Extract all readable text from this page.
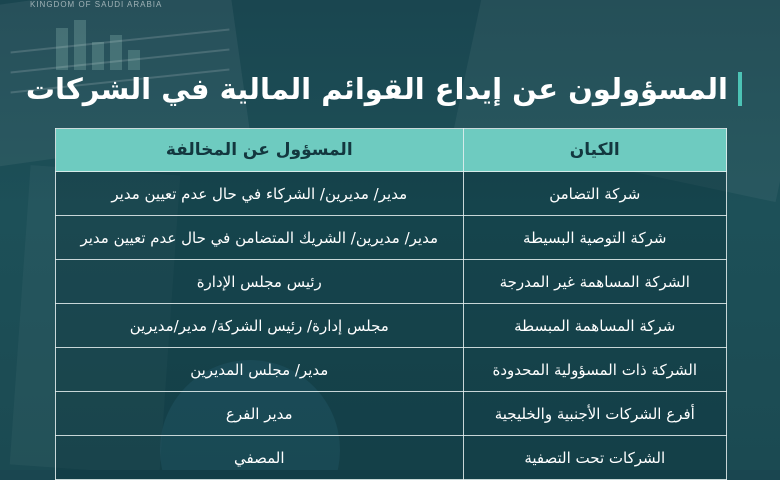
KINGDOM OF SAUDI ARABIA
المسؤولون عن إيداع القوائم المالية في الشركات
الكيان	المسؤول عن المخالفة
شركة التضامن	مدير/ مديرين/ الشركاء في حال عدم تعيين مدير
شركة التوصية البسيطة	مدير/ مديرين/ الشريك المتضامن في حال عدم تعيين مدير
الشركة المساهمة غير المدرجة	رئيس مجلس الإدارة
شركة المساهمة المبسطة	مجلس إدارة/ رئيس الشركة/ مدير/مديرين
الشركة ذات المسؤولية المحدودة	مدير/ مجلس المديرين
أفرع الشركات الأجنبية والخليجية	مدير الفرع
الشركات تحت التصفية	المصفي
